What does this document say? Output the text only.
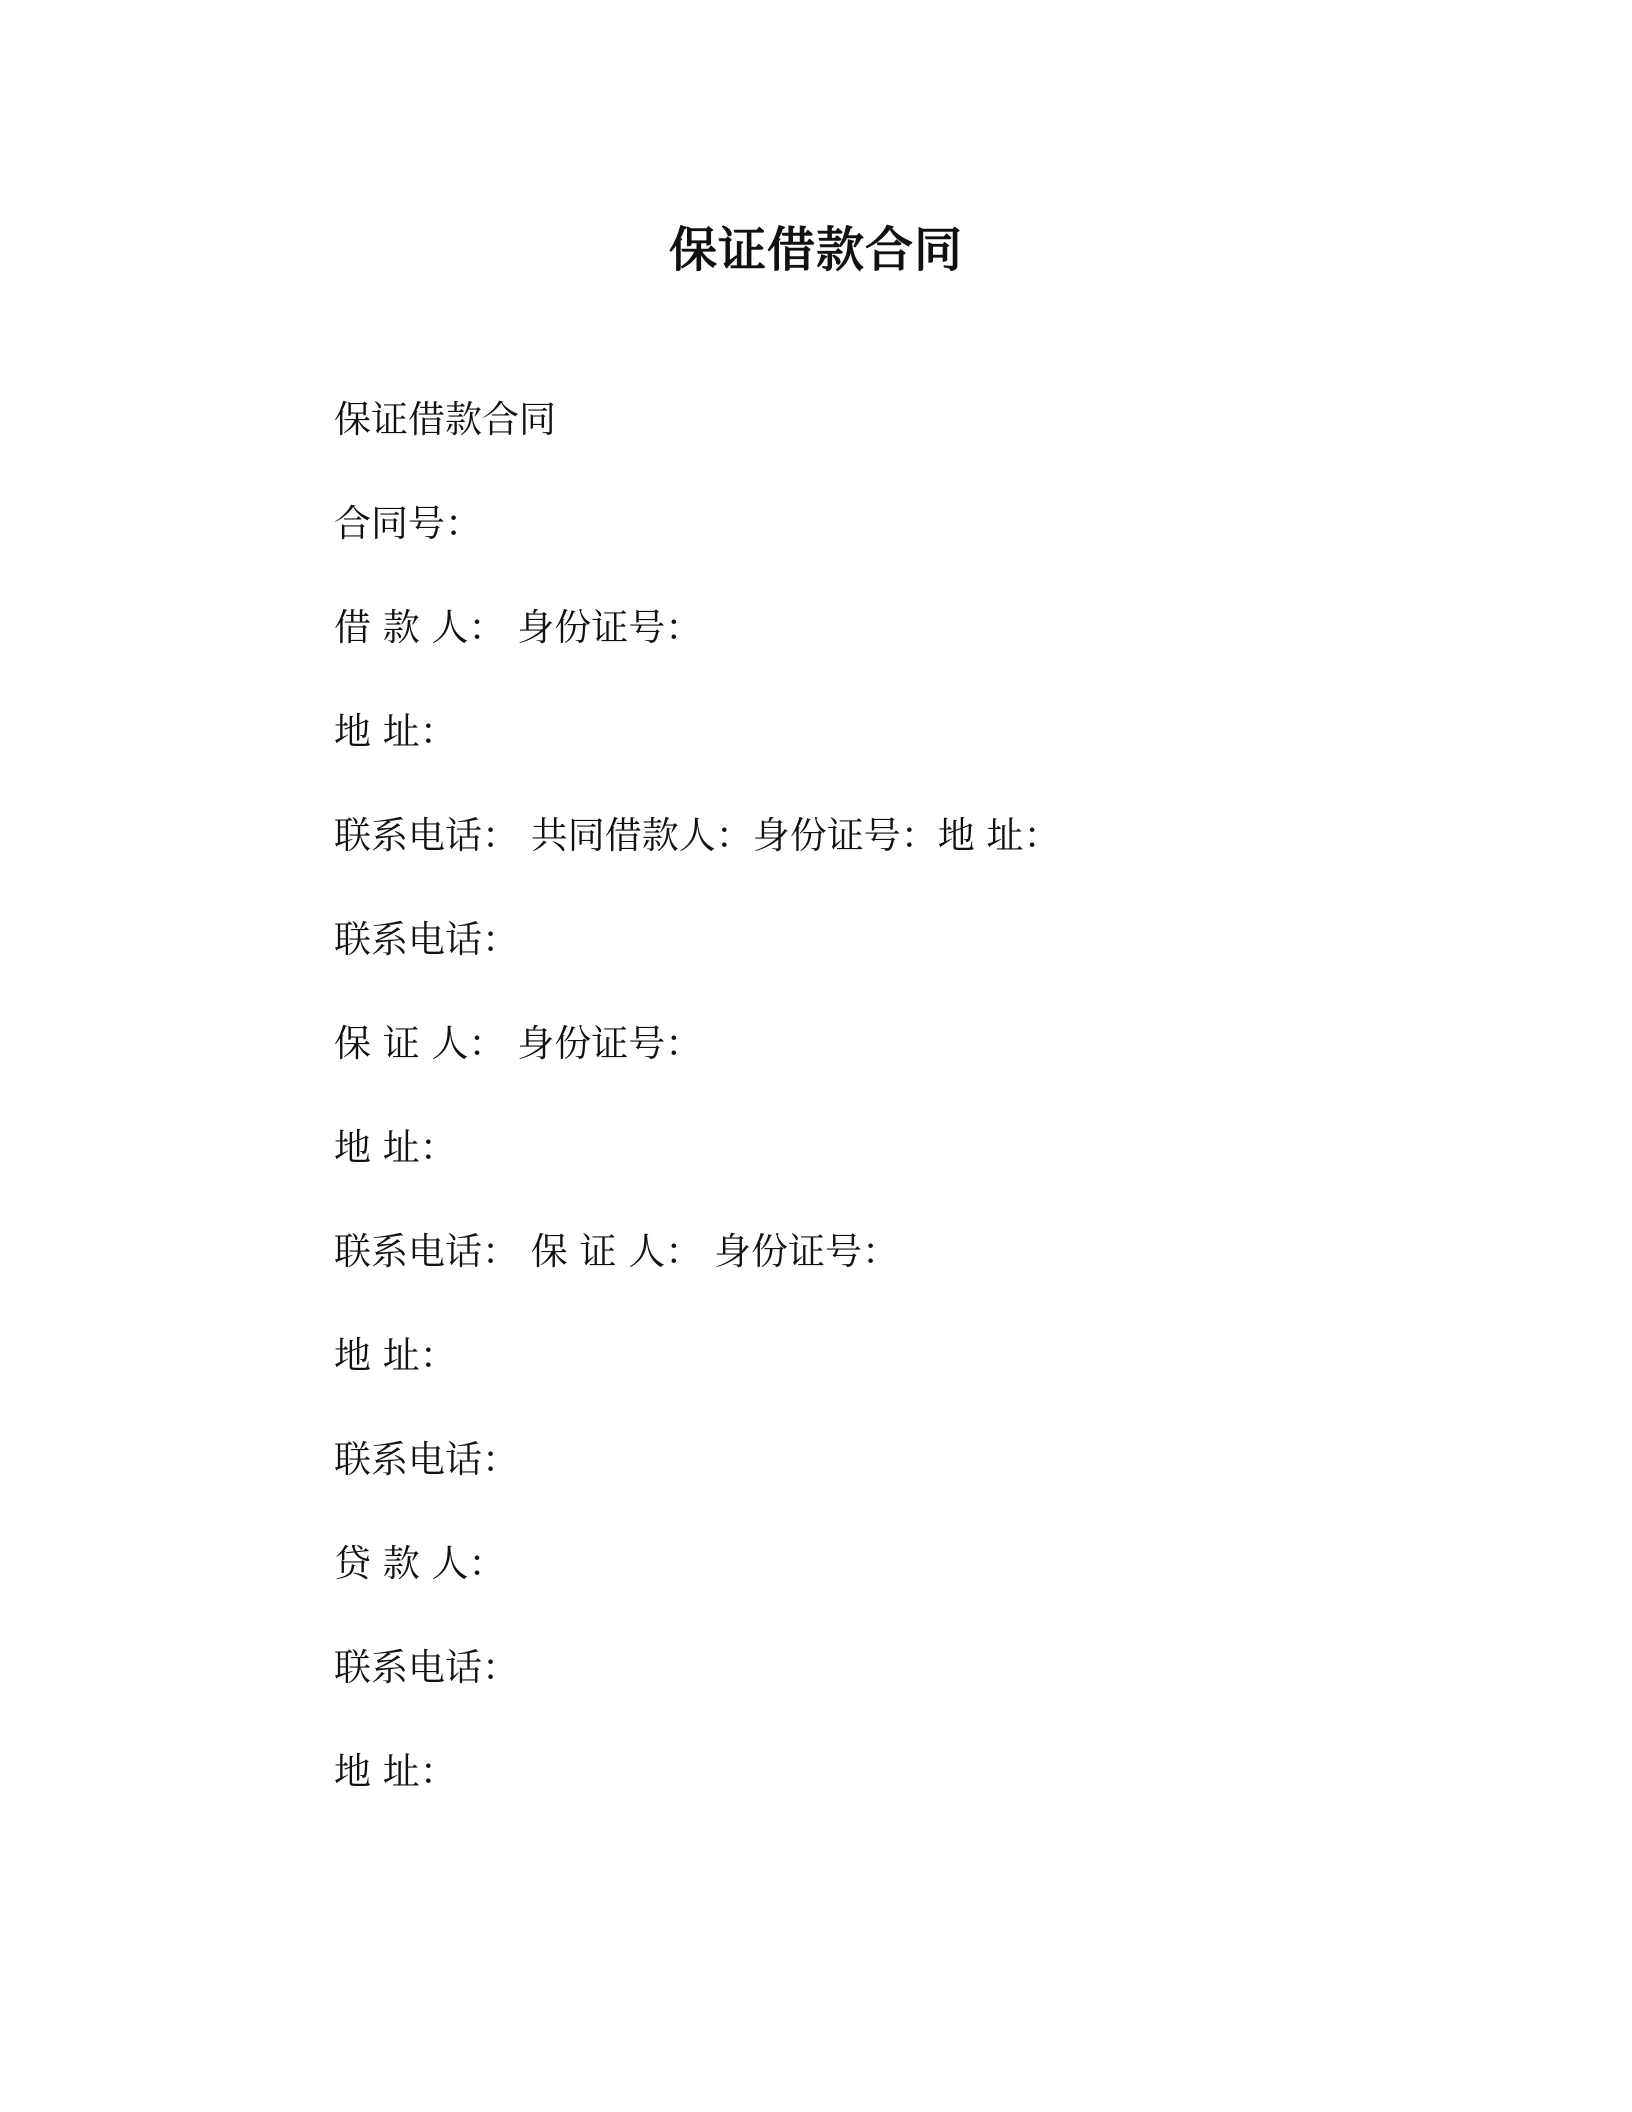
保证借款合同
保证借款合同
合同号：
借 款 人： 身份证号：
地 址：
联系电话： 共同借款人：身份证号：地 址：
联系电话：
保 证 人： 身份证号：
地 址：
联系电话： 保 证 人： 身份证号：
地 址：
联系电话：
贷 款 人：
联系电话：
地 址：
